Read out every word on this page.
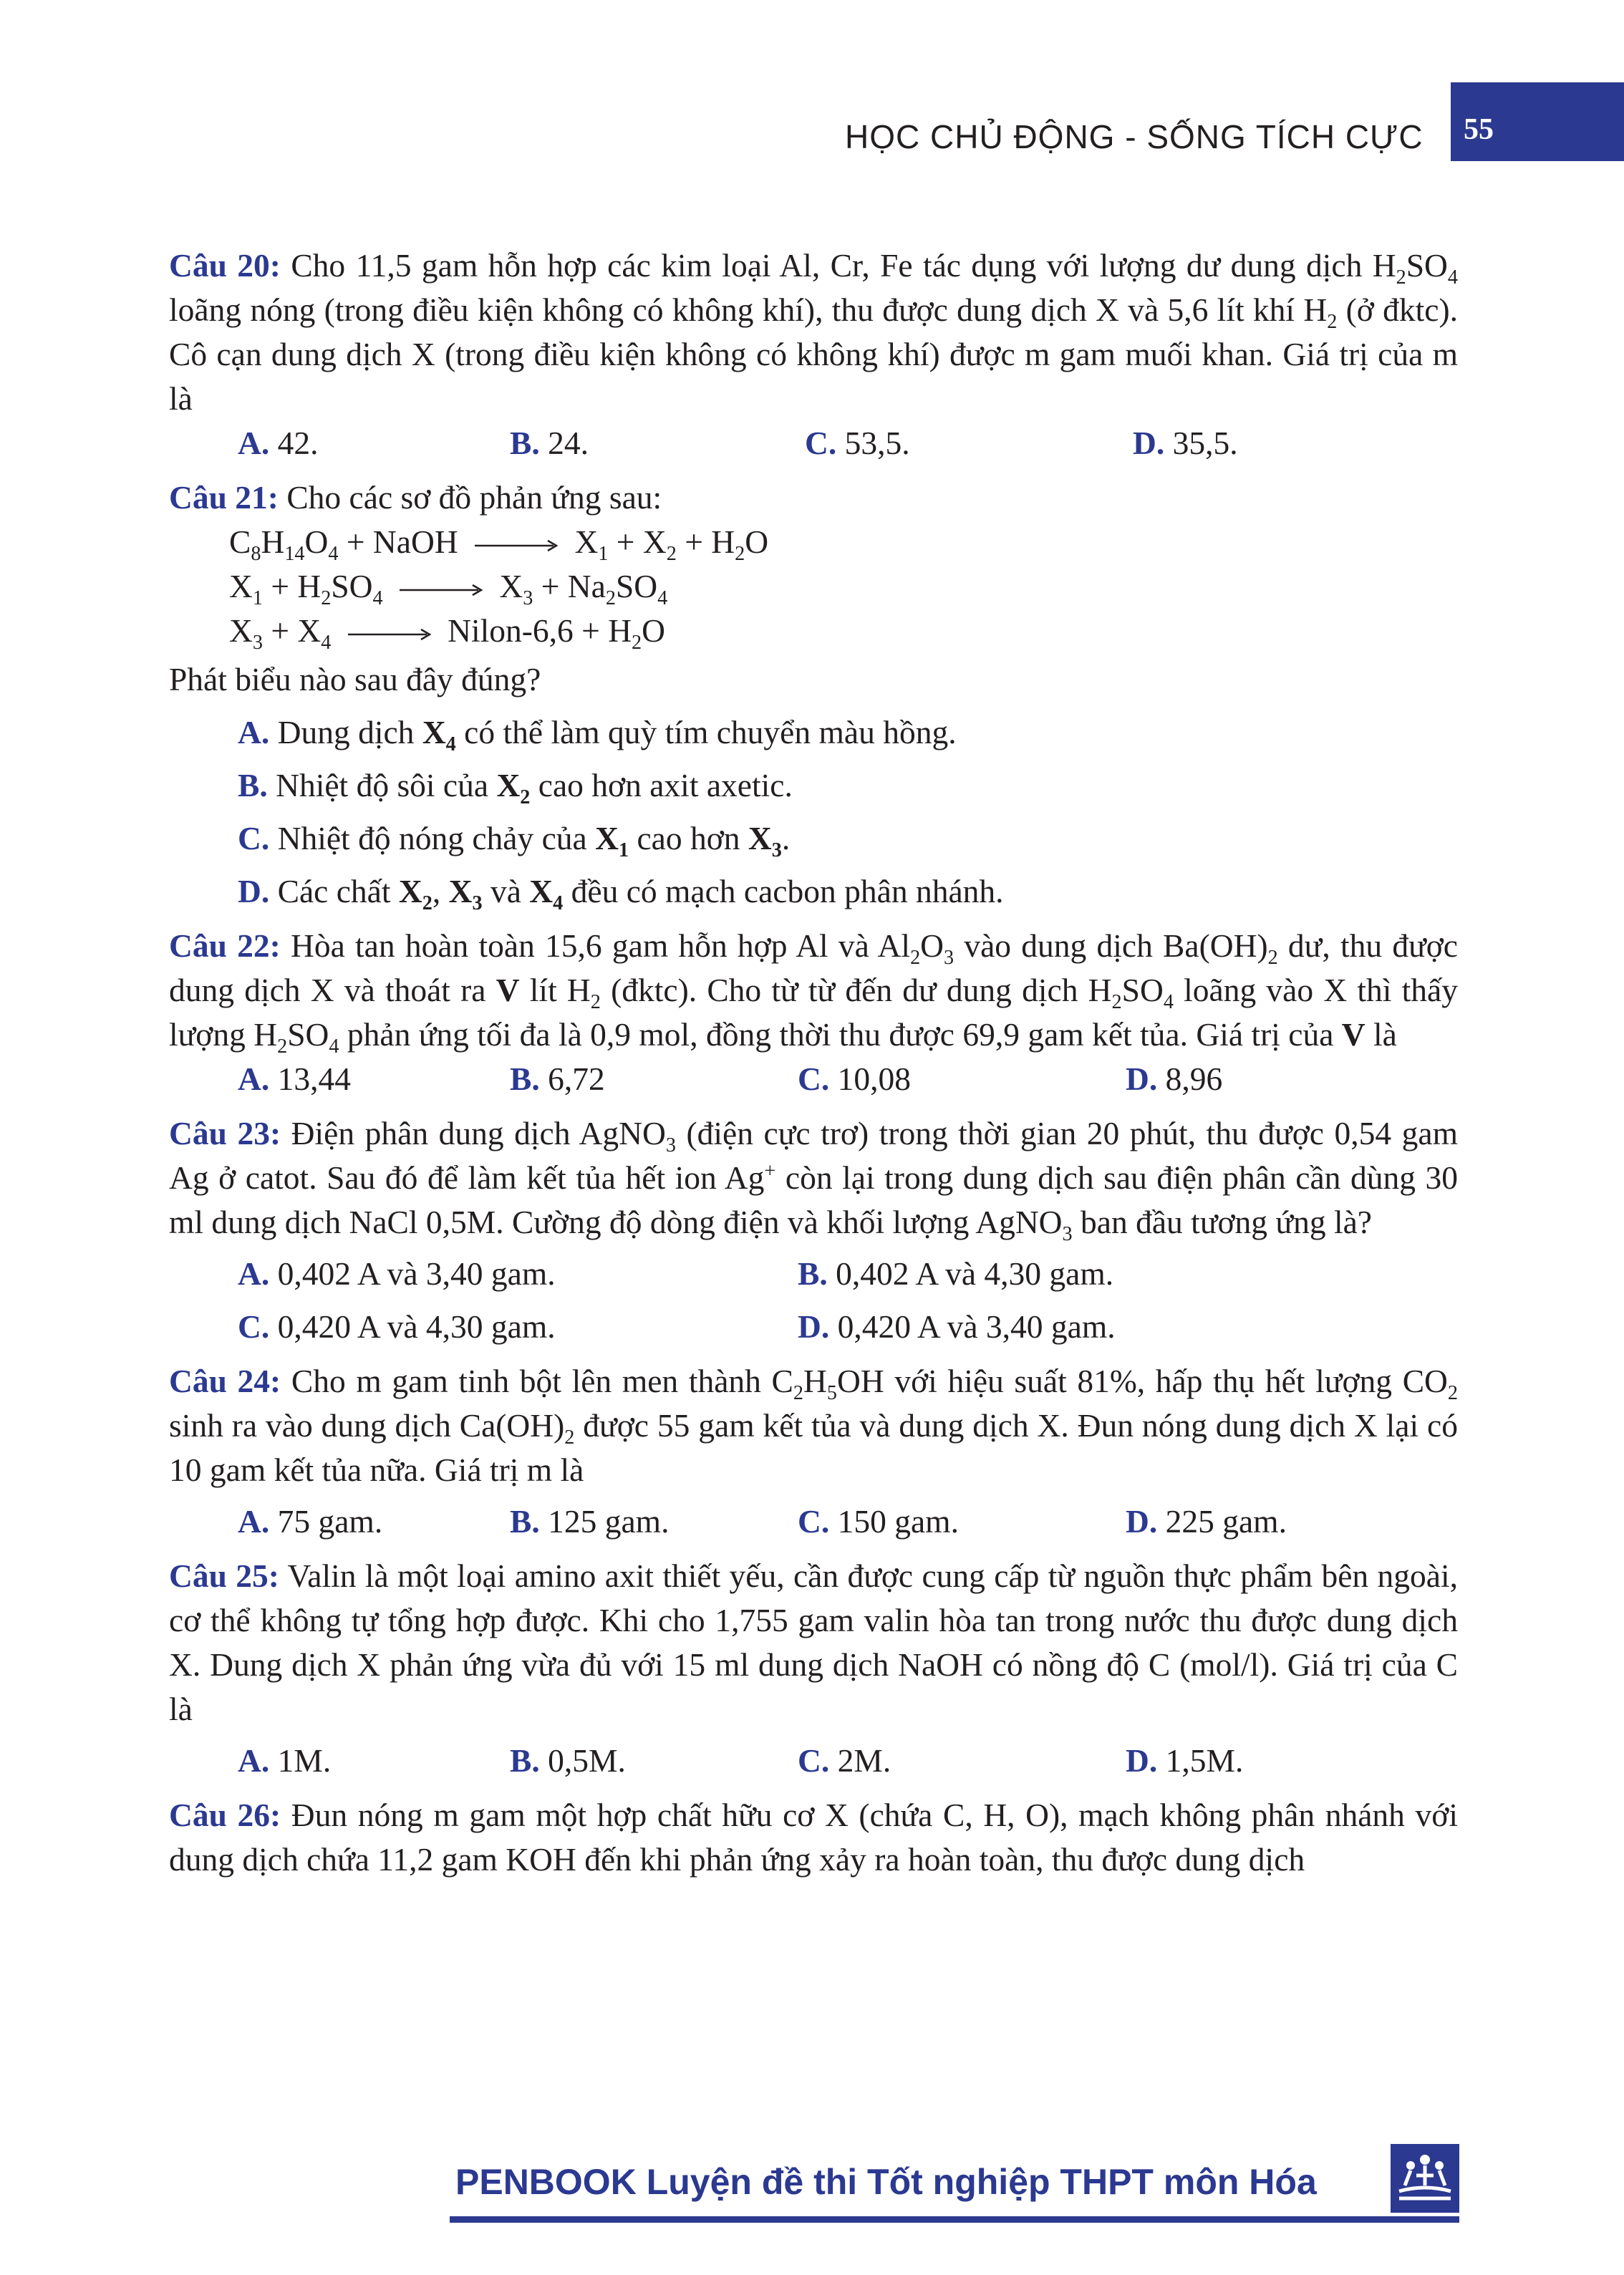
HỌC CHỦ ĐỘNG - SỐNG TÍCH CỰC 55

Câu 20: Cho 11,5 gam hỗn hợp các kim loại Al, Cr, Fe tác dụng với lượng dư dung dịch $H_2SO_4$ loãng nóng (trong điều kiện không có không khí), thu được dung dịch X và 5,6 lít khí $H_2$ (ở đktc). Cô cạn dung dịch X (trong điều kiện không có không khí) được m gam muối khan. Giá trị của m là

A. 42.	B. 24.	C. 53,5.	D. 35,5.

Câu 21: Cho các sơ đồ phản ứng sau:

$C_8H_{14}O_4$ + NaOH → $X_1 + X_2 + H_2O$
$X_1 + H_2SO_4 \to X_3 + Na_2SO_4$
$X_3 + X_4$ → Nilon-6,6 + $H_2O$

Phát biểu nào sau đây đúng?

A. Dung dịch $X_4$ có thể làm quỳ tím chuyển màu hồng.
B. Nhiệt độ sôi của $X_2$ cao hơn axit axetic.
C. Nhiệt độ nóng chảy của $X_1$ cao hơn $X_3$.
D. Các chất $X_2$, $X_3$ và $X_4$ đều có mạch cacbon phân nhánh.

Câu 22: Hòa tan hoàn toàn 15,6 gam hỗn hợp Al và $Al_2O_3$ vào dung dịch $Ba(OH)_2$ dư, thu được dung dịch X và thoát ra V lít $H_2$ (đktc). Cho từ từ đến dư dung dịch $H_2SO_4$ loãng vào X thì thấy lượng $H_2SO_4$ phản ứng tối đa là 0,9 mol, đồng thời thu được 69,9 gam kết tủa. Giá trị của V là

A. 13,44	B. 6,72	C. 10,08	D. 8,96

Câu 23: Điện phân dung dịch AgNO$_3$ (điện cực trơ) trong thời gian 20 phút, thu được 0,54 gam Ag ở catot. Sau đó để làm kết tủa hết ion Ag+ còn lại trong dung dịch sau điện phân cần dùng 30 ml dung dịch NaCl 0,5M. Cường độ dòng điện và khối lượng AgNO$_3$ ban đầu tương ứng là?

A. 0,402 A và 3,40 gam.	B. 0,402 A và 4,30 gam.
C. 0,420 A và 4,30 gam.	D. 0,420 A và 3,40 gam.

Câu 24: Cho m gam tinh bột lên men thành $C_2H_5OH$ với hiệu suất 81%, hấp thụ hết lượng $CO_2$ sinh ra vào dung dịch $Ca(OH)_2$ được 55 gam kết tủa và dung dịch X. Đun nóng dung dịch X lại có 10 gam kết tủa nữa. Giá trị m là

A. 75 gam.	B. 125 gam.	C. 150 gam.	D. 225 gam.

Câu 25: Valin là một loại amino axit thiết yếu, cần được cung cấp từ nguồn thực phẩm bên ngoài, cơ thể không tự tổng hợp được. Khi cho 1,755 gam valin hòa tan trong nước thu được dung dịch X. Dung dịch X phản ứng vừa đủ với 15 ml dung dịch NaOH có nồng độ C (mol/l). Giá trị của C là

A. 1M.	B. 0,5M.	C. 2M.	D. 1,5M.

Câu 26: Đun nóng m gam một hợp chất hữu cơ X (chứa C, H, O), mạch không phân nhánh với dung dịch chứa 11,2 gam KOH đến khi phản ứng xảy ra hoàn toàn, thu được dung dịch

PENBOOK Luyện đề thi Tốt nghiệp THPT môn Hóa
